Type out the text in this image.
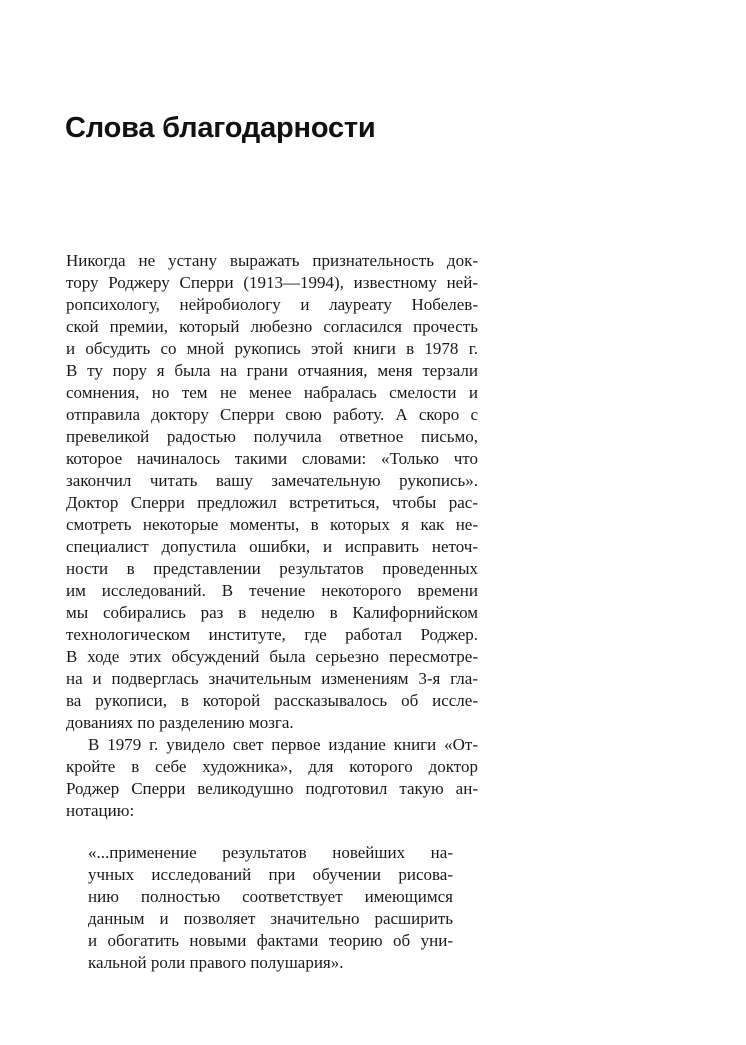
Слова благодарности

Никогда не устану выражать признательность док-
тору Роджеру Сперри (1913—1994), известному ней-
ропсихологу, нейробиологу и лауреату Нобелев-
ской премии, который любезно согласился прочесть
и обсудить со мной рукопись этой книги в 1978 г.
В ту пору я была на грани отчаяния, меня терзали
сомнения, но тем не менее набралась смелости и
отправила доктору Сперри свою работу. А скоро с
превеликой радостью получила ответное письмо,
которое начиналось такими словами: «Только что
закончил читать вашу замечательную рукопись».
Доктор Сперри предложил встретиться, чтобы рас-
смотреть некоторые моменты, в которых я как не-
специалист допустила ошибки, и исправить неточ-
ности в представлении результатов проведенных
им исследований. В течение некоторого времени
мы собирались раз в неделю в Калифорнийском
технологическом институте, где работал Роджер.
В ходе этих обсуждений была серьезно пересмотре-
на и подверглась значительным изменениям 3-я гла-
ва рукописи, в которой рассказывалось об иссле-
дованиях по разделению мозга.

В 1979 г. увидело свет первое издание книги «От-
кройте в себе художника», для которого доктор
Роджер Сперри великодушно подготовил такую ан-
нотацию:

«...применение результатов новейших на-
учных исследований при обучении рисова-
нию полностью соответствует имеющимся
данным и позволяет значительно расширить
и обогатить новыми фактами теорию об уни-
кальной роли правого полушария».
